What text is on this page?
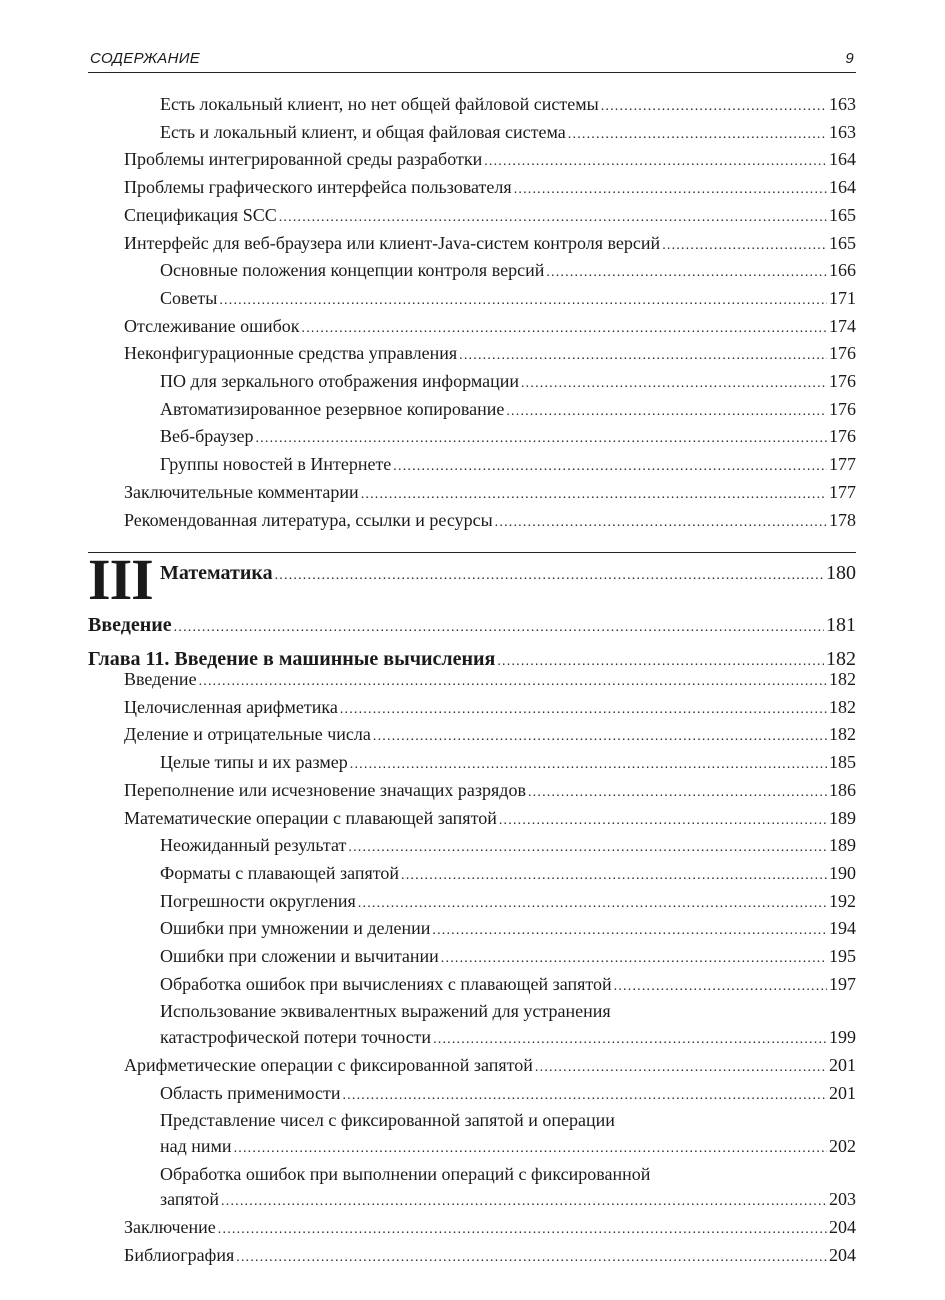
СОДЕРЖАНИЕ	9
Есть локальный клиент, но нет общей файловой системы .....	163
Есть и локальный клиент, и общая файловая система .....	163
Проблемы интегрированной среды разработки .....	164
Проблемы графического интерфейса пользователя .....	164
Спецификация SCC .....	165
Интерфейс для веб-браузера или клиент-Java-систем контроля версий .....	165
Основные положения концепции контроля версий .....	166
Советы .....	171
Отслеживание ошибок .....	174
Неконфигурационные средства управления .....	176
ПО для зеркального отображения информации .....	176
Автоматизированное резервное копирование .....	176
Веб-браузер .....	176
Группы новостей в Интернете .....	177
Заключительные комментарии .....	177
Рекомендованная литература, ссылки и ресурсы .....	178
III Математика .....	180
Введение .....	181
Глава 11. Введение в машинные вычисления .....	182
Введение .....	182
Целочисленная арифметика .....	182
Деление и отрицательные числа .....	182
Целые типы и их размер .....	185
Переполнение или исчезновение значащих разрядов .....	186
Математические операции с плавающей запятой .....	189
Неожиданный результат .....	189
Форматы с плавающей запятой .....	190
Погрешности округления .....	192
Ошибки при умножении и делении .....	194
Ошибки при сложении и вычитании .....	195
Обработка ошибок при вычислениях с плавающей запятой .....	197
Использование эквивалентных выражений для устранения
катастрофической потери точности .....	199
Арифметические операции с фиксированной запятой .....	201
Область применимости .....	201
Представление чисел с фиксированной запятой и операции
над ними .....	202
Обработка ошибок при выполнении операций с фиксированной
запятой .....	203
Заключение .....	204
Библиография .....	204
